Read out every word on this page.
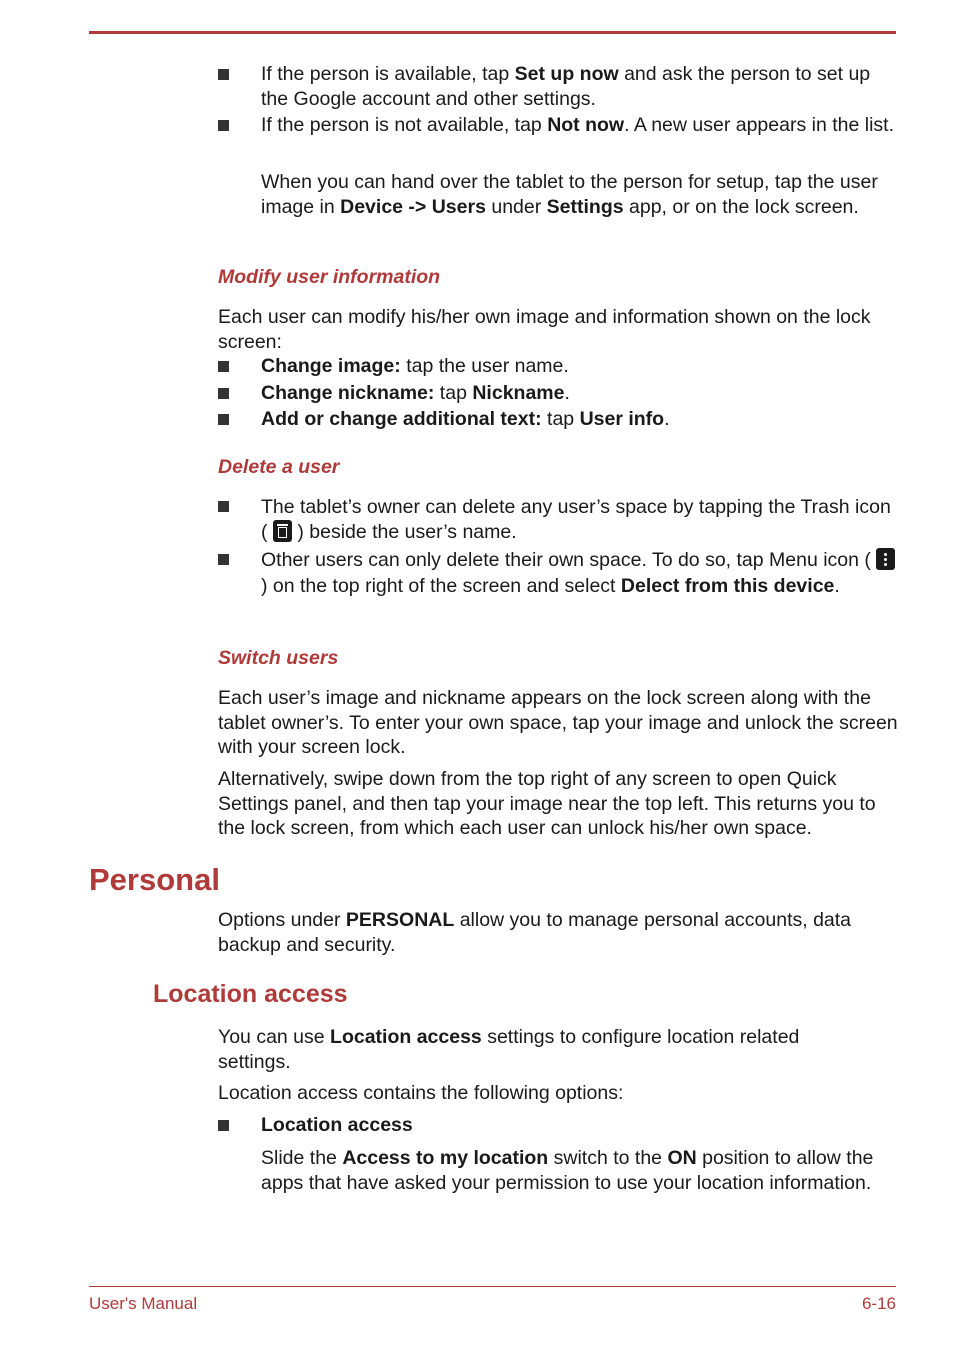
If the person is available, tap Set up now and ask the person to set up the Google account and other settings.

If the person is not available, tap Not now. A new user appears in the list.

When you can hand over the tablet to the person for setup, tap the user image in Device -> Users under Settings app, or on the lock screen.

Modify user information

Each user can modify his/her own image and information shown on the lock screen:

Change image: tap the user name.

Change nickname: tap Nickname.

Add or change additional text: tap User info.

Delete a user

The tablet’s owner can delete any user’s space by tapping the Trash icon (
) beside the user’s name.

Other users can only delete their own space. To do so, tap Menu icon (
) on the top right of the screen and select Delect from this device.

Switch users

Each user’s image and nickname appears on the lock screen along with the tablet owner’s. To enter your own space, tap your image and unlock the screen with your screen lock.

Alternatively, swipe down from the top right of any screen to open Quick Settings panel, and then tap your image near the top left. This returns you to the lock screen, from which each user can unlock his/her own space.

Personal

Options under PERSONAL allow you to manage personal accounts, data backup and security.

Location access

You can use Location access settings to configure location related settings.

Location access contains the following options:

Location access

Slide the Access to my location switch to the ON position to allow the apps that have asked your permission to use your location information.

User's Manual	6-16
